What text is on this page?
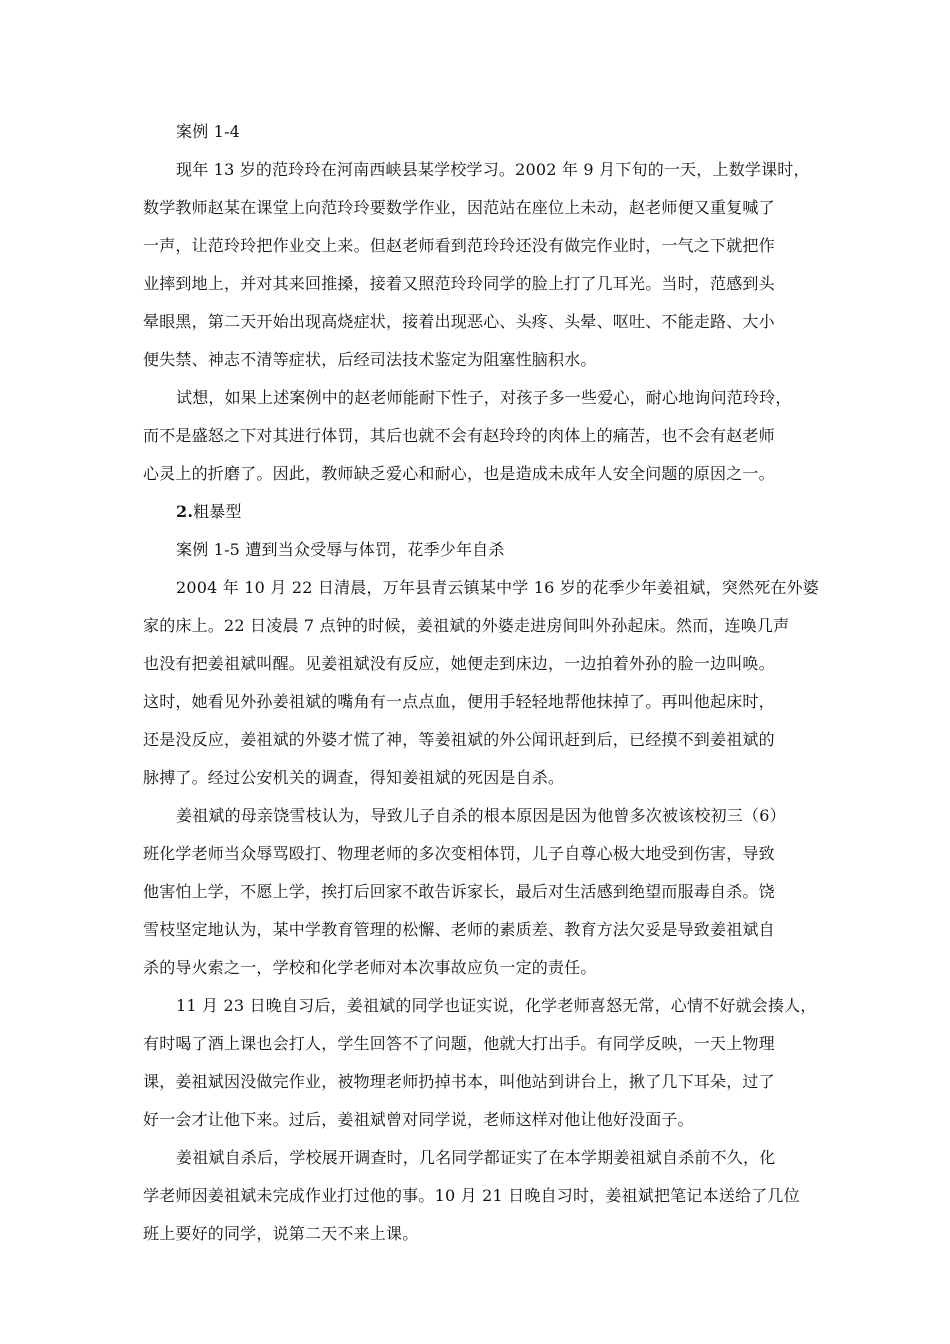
案例 1-4
现年 13 岁的范玲玲在河南西峡县某学校学习。2002 年 9 月下旬的一天，上数学课时，
数学教师赵某在课堂上向范玲玲要数学作业，因范站在座位上未动，赵老师便又重复喊了
一声，让范玲玲把作业交上来。但赵老师看到范玲玲还没有做完作业时，一气之下就把作
业摔到地上，并对其来回推搡，接着又照范玲玲同学的脸上打了几耳光。当时，范感到头
晕眼黑，第二天开始出现高烧症状，接着出现恶心、头疼、头晕、呕吐、不能走路、大小
便失禁、神志不清等症状，后经司法技术鉴定为阻塞性脑积水。
试想，如果上述案例中的赵老师能耐下性子，对孩子多一些爱心，耐心地询问范玲玲，
而不是盛怒之下对其进行体罚，其后也就不会有赵玲玲的肉体上的痛苦，也不会有赵老师
心灵上的折磨了。因此，教师缺乏爱心和耐心，也是造成未成年人安全问题的原因之一。
2.粗暴型
案例 1-5 遭到当众受辱与体罚，花季少年自杀
2004 年 10 月 22 日清晨，万年县青云镇某中学 16 岁的花季少年姜祖斌，突然死在外婆
家的床上。22 日凌晨 7 点钟的时候，姜祖斌的外婆走进房间叫外孙起床。然而，连唤几声
也没有把姜祖斌叫醒。见姜祖斌没有反应，她便走到床边，一边拍着外孙的脸一边叫唤。
这时，她看见外孙姜祖斌的嘴角有一点点血，便用手轻轻地帮他抹掉了。再叫他起床时，
还是没反应，姜祖斌的外婆才慌了神，等姜祖斌的外公闻讯赶到后，已经摸不到姜祖斌的
脉搏了。经过公安机关的调查，得知姜祖斌的死因是自杀。
姜祖斌的母亲饶雪枝认为，导致儿子自杀的根本原因是因为他曾多次被该校初三（6）
班化学老师当众辱骂殴打、物理老师的多次变相体罚，儿子自尊心极大地受到伤害，导致
他害怕上学，不愿上学，挨打后回家不敢告诉家长，最后对生活感到绝望而服毒自杀。饶
雪枝坚定地认为，某中学教育管理的松懈、老师的素质差、教育方法欠妥是导致姜祖斌自
杀的导火索之一，学校和化学老师对本次事故应负一定的责任。
11 月 23 日晚自习后，姜祖斌的同学也证实说，化学老师喜怒无常，心情不好就会揍人，
有时喝了酒上课也会打人，学生回答不了问题，他就大打出手。有同学反映，一天上物理
课，姜祖斌因没做完作业，被物理老师扔掉书本，叫他站到讲台上，揪了几下耳朵，过了
好一会才让他下来。过后，姜祖斌曾对同学说，老师这样对他让他好没面子。
姜祖斌自杀后，学校展开调查时，几名同学都证实了在本学期姜祖斌自杀前不久，化
学老师因姜祖斌未完成作业打过他的事。10 月 21 日晚自习时，姜祖斌把笔记本送给了几位
班上要好的同学，说第二天不来上课。
